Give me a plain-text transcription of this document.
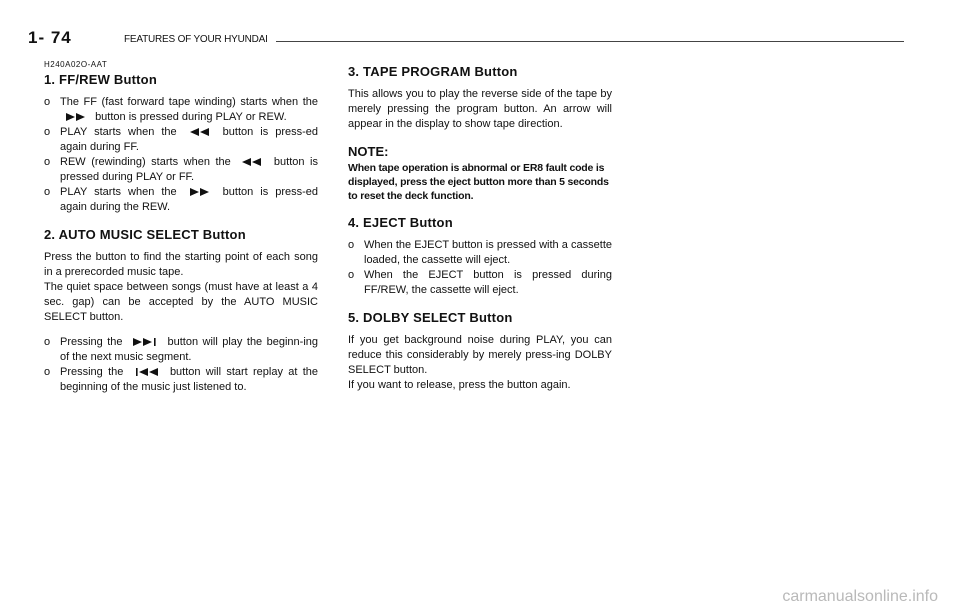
1- 74	FEATURES OF YOUR HYUNDAI
H240A02O-AAT
1. FF/REW Button
o The FF (fast forward tape winding) starts when the  button is pressed during PLAY or REW.
o PLAY starts when the	button is press-ed again during FF.
o REW (rewinding) starts when the	button is pressed during PLAY or FF.
o PLAY starts when the	button is press-ed again during the REW.
2. AUTO MUSIC SELECT Button

Press the button to find the starting point of each song in a prerecorded music tape.

The quiet space between songs (must have at least a 4 sec. gap) can be accepted by the AUTO MUSIC SELECT button.

o Pressing the	button will play the beginn-ing of the next music segment.
o Pressing the	button will start replay at the beginning of the music just listened to.
3. TAPE PROGRAM Button

This allows you to play the reverse side of the tape by merely pressing the program button. An arrow will appear in the display to show tape direction.

NOTE:

When tape operation is abnormal or ER8 fault code is displayed, press the eject button more than 5 seconds to reset the deck function.

4. EJECT Button
o When the EJECT button is pressed with a cassette loaded, the cassette will eject.
o When the EJECT button is pressed during FF/REW, the cassette will eject.
5. DOLBY SELECT Button

If you get background noise during PLAY, you can reduce this considerably by merely press-ing DOLBY SELECT button.

If you want to release, press the button again.

carmanualsonline.info
